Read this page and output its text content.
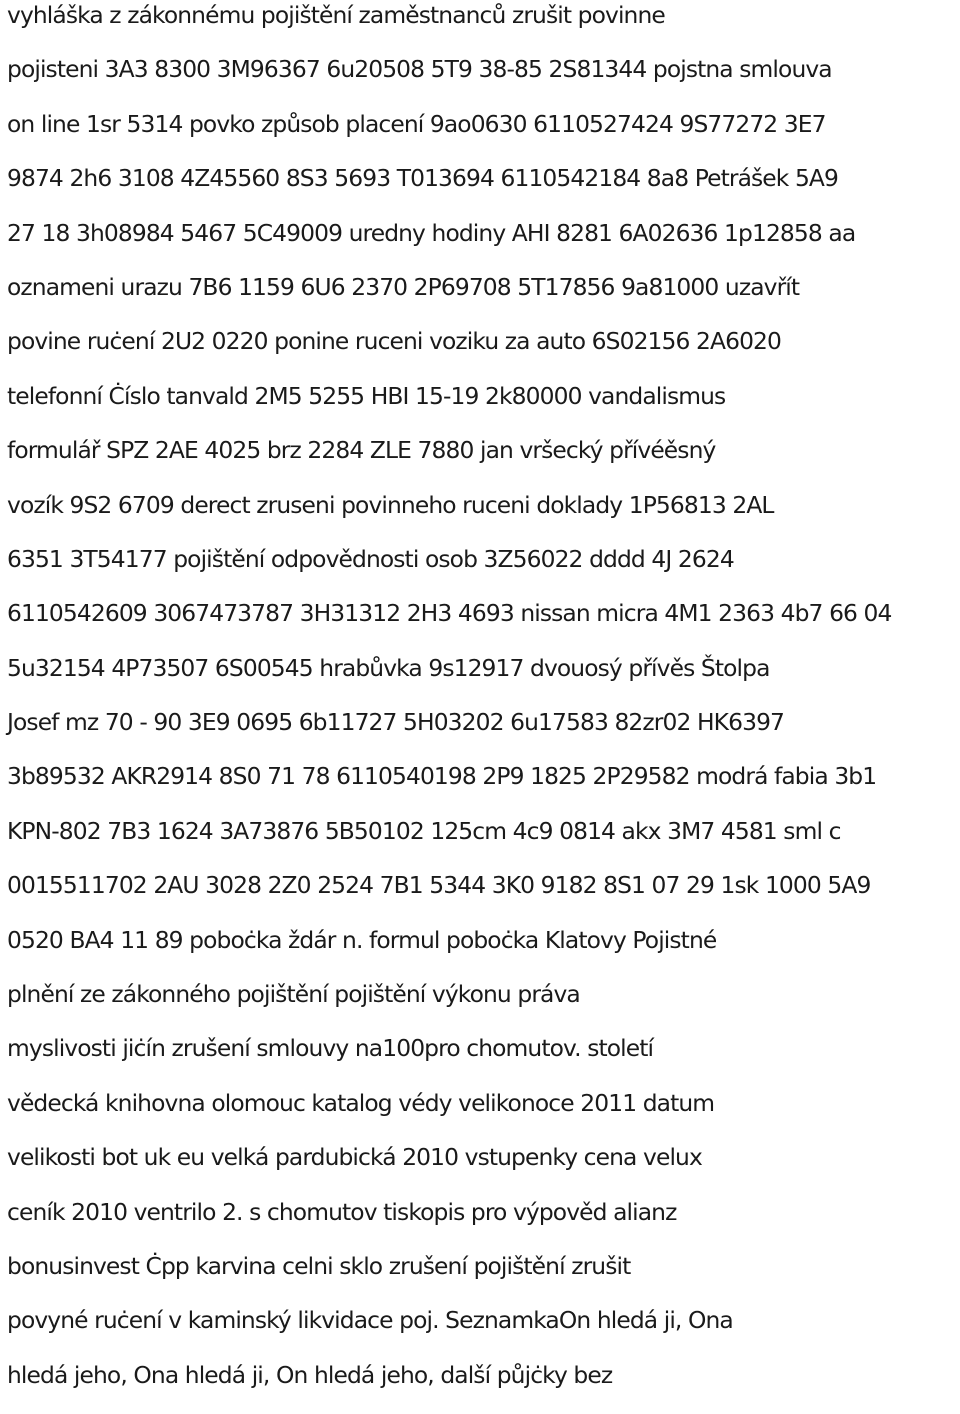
vyhláška z zákonnému pojištění zaměstnanců zrušit povinne
pojisteni 3A3 8300 3M96367 6u20508 5T9 38-85 2S81344 pojstna smlouva
on line 1sr 5314 povko způsob placení 9ao0630 6110527424 9S77272 3E7
9874 2h6 3108 4Z45560 8S3 5693 T013694 6110542184 8a8 Petrášek 5A9
27 18 3h08984 5467 5C49009 uredny hodiny AHI 8281 6A02636 1p12858 aa
oznameni urazu 7B6 1159 6U6 2370 2P69708 5T17856 9a81000 uzavřít
povine ruċení 2U2 0220 ponine ruceni voziku za auto 6S02156 2A6020
telefonní Ċíslo tanvald 2M5 5255 HBI 15-19 2k80000 vandalismus
formulář SPZ 2AE 4025 brz 2284 ZLE 7880 jan vršecký přívéěsný
vozík 9S2 6709 derect zruseni povinneho ruceni doklady 1P56813 2AL
6351 3T54177 pojištění odpovědnosti osob 3Z56022 dddd 4J 2624
6110542609 3067473787 3H31312 2H3 4693 nissan micra 4M1 2363 4b7 66 04
5u32154 4P73507 6S00545 hrabůvka 9s12917 dvouosý přívěs Štolpa
Josef mz 70 - 90 3E9 0695 6b11727 5H03202 6u17583 82zr02 HK6397
3b89532 AKR2914 8S0 71 78 6110540198 2P9 1825 2P29582 modrá fabia 3b1
KPN-802 7B3 1624 3A73876 5B50102 125cm 4c9 0814 akx 3M7 4581 sml c
0015511702 2AU 3028 2Z0 2524 7B1 5344 3K0 9182 8S1 07 29 1sk 1000 5A9
0520 BA4 11 89 poboċka ždár n. formul poboċka Klatovy Pojistné
plnění ze zákonného pojištění pojištění výkonu práva
myslivosti jiċín zrušení smlouvy na100pro chomutov. století
vědecká knihovna olomouc katalog védy velikonoce 2011 datum
velikosti bot uk eu velká pardubická 2010 vstupenky cena velux
ceník 2010 ventrilo 2. s chomutov tiskopis pro výpověd alianz
bonusinvest Ċpp karvina celni sklo zrušení pojištění zrušit
povyné ruċení v kaminský likvidace poj. SeznamkaOn hledá ji, Ona
hledá jeho, Ona hledá ji, On hledá jeho, další půjċky bez
